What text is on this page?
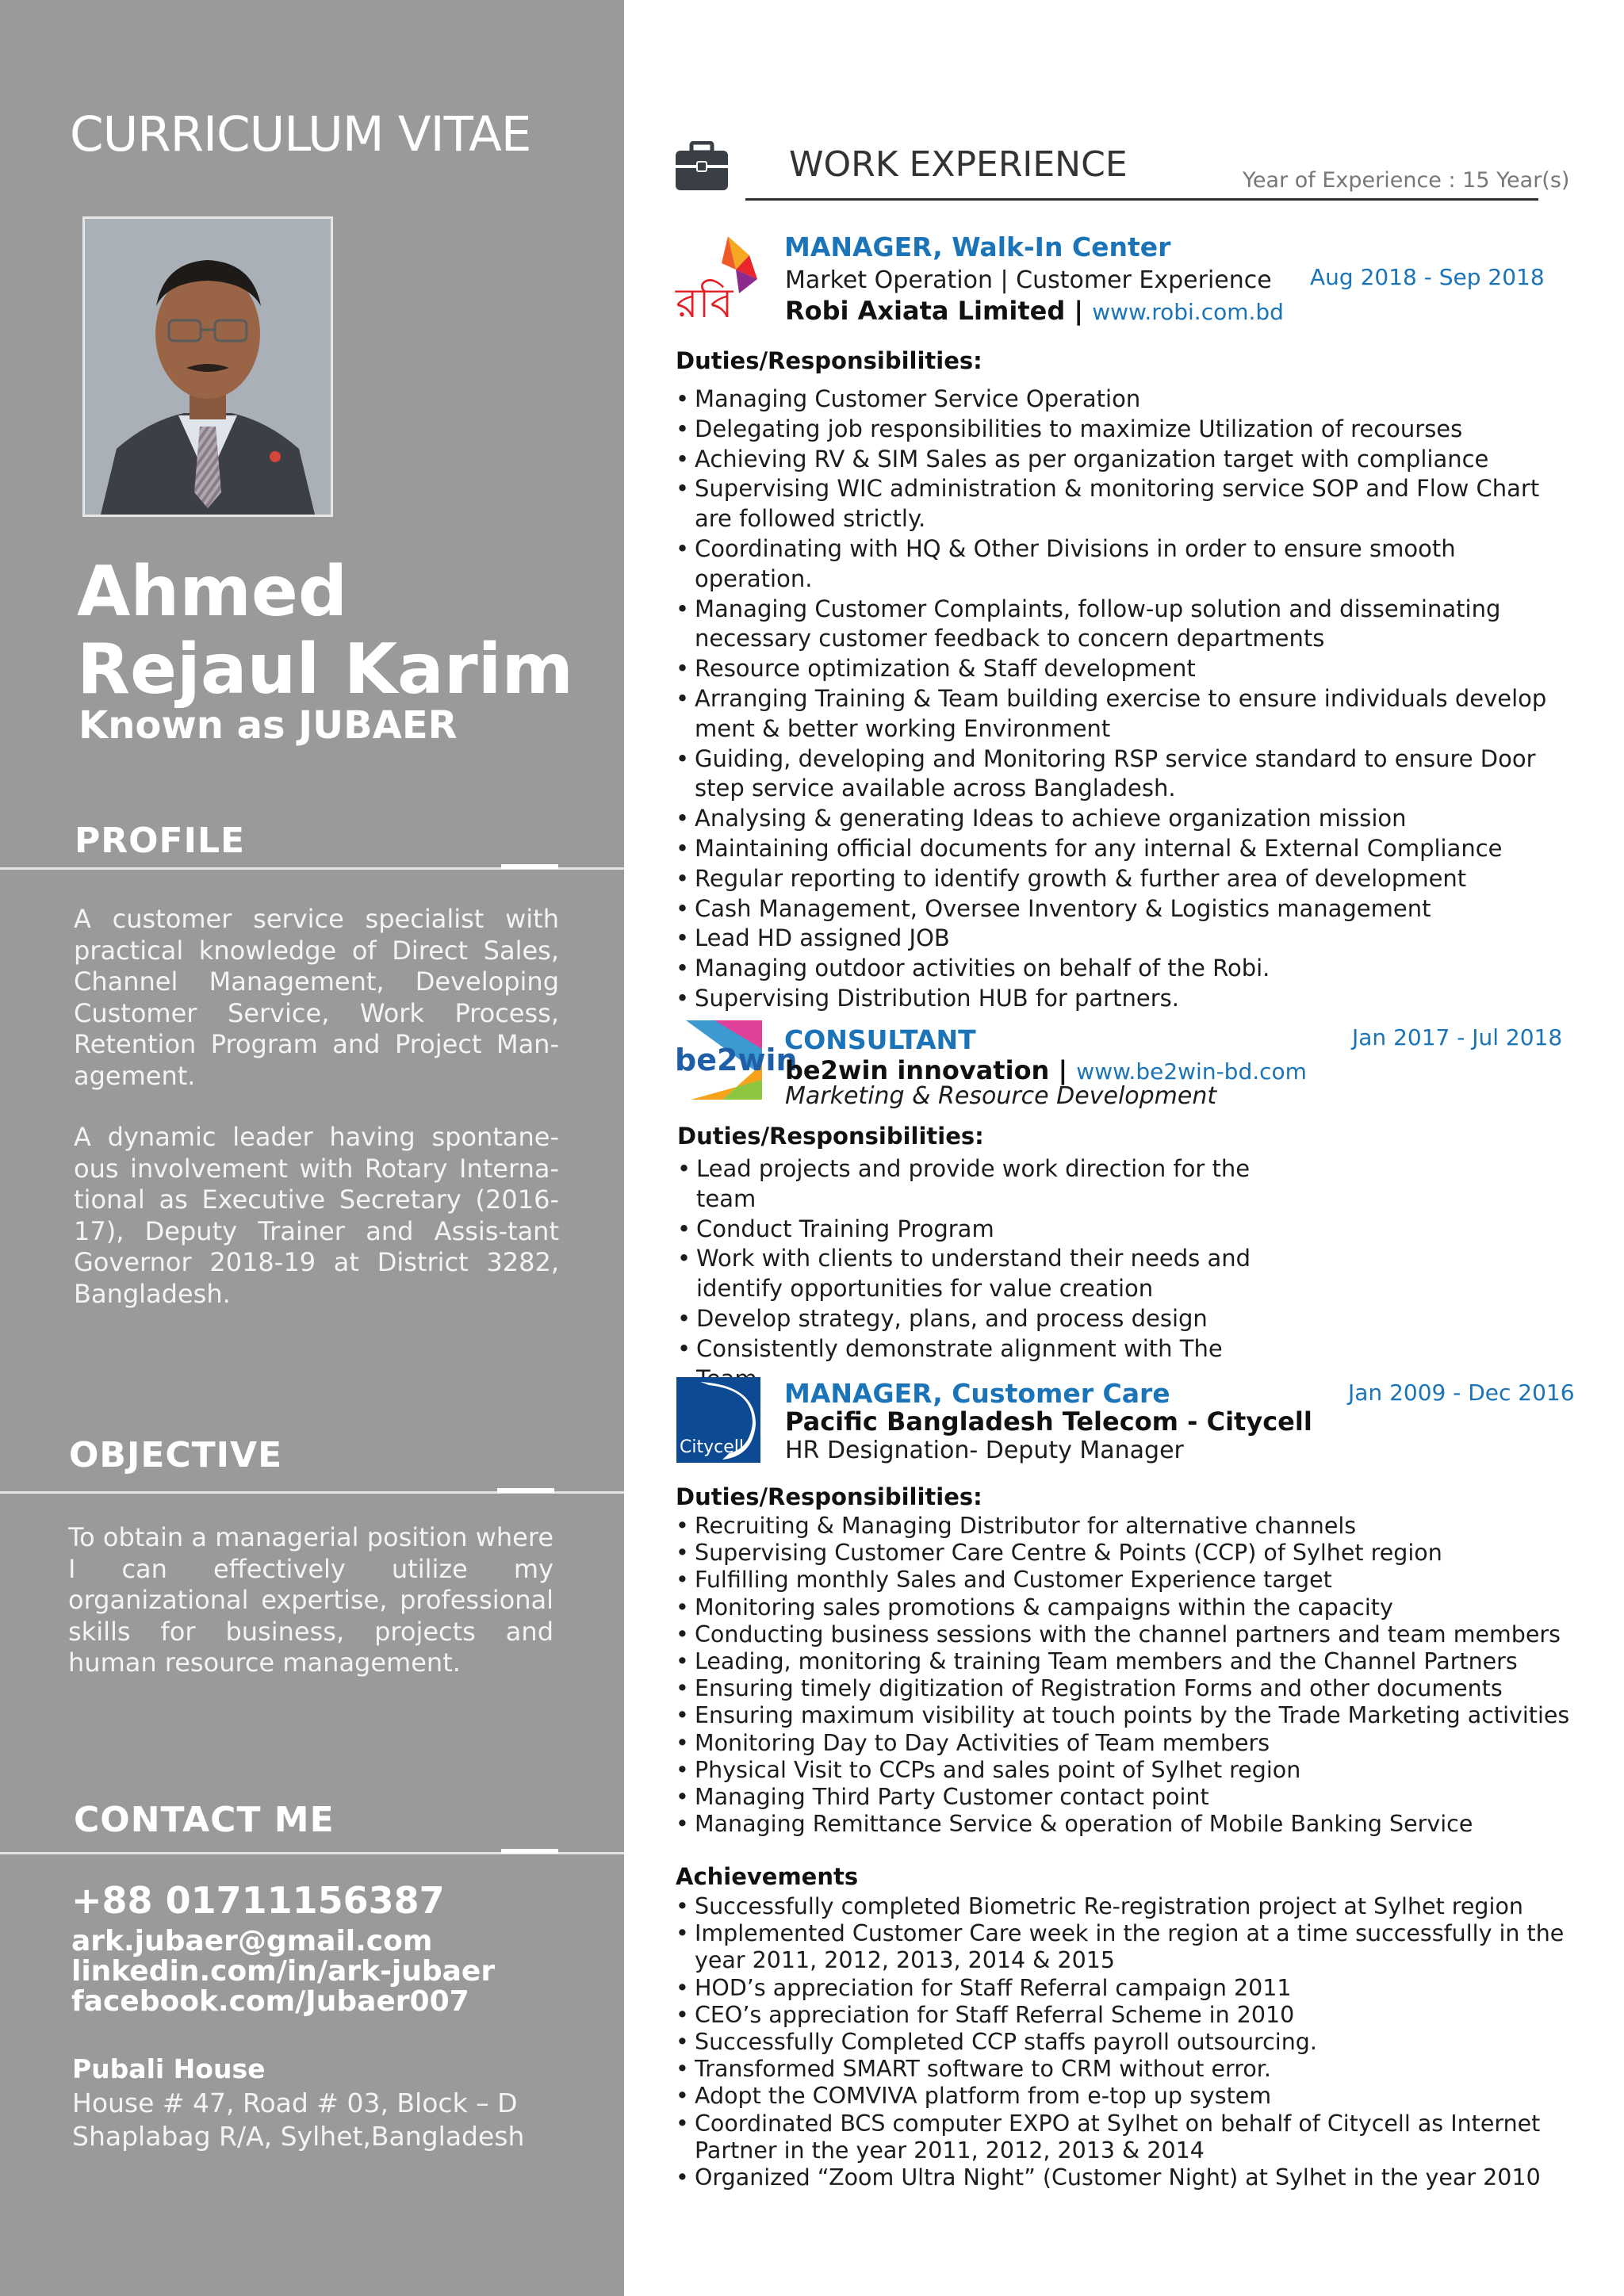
CURRICULUM VITAE
Ahmed
Rejaul Karim
Known as JUBAER
PROFILE
A customer service specialist with practical knowledge of Direct Sales, Channel Management, Developing Customer Service, Work Process, Retention Program and Project Man-agement.
A dynamic leader having spontane-ous involvement with Rotary Interna-tional as Executive Secretary (2016-17), Deputy Trainer and Assis-tant Governor 2018-19 at District 3282, Bangladesh.
OBJECTIVE
To obtain a managerial position where I can effectively utilize my organizational expertise, professional skills for business, projects and human resource management.
CONTACT ME
+88 01711156387
ark.jubaer@gmail.com
linkedin.com/in/ark-jubaer
facebook.com/Jubaer007
Pubali House
House # 47, Road # 03, Block – D
Shaplabag R/A, Sylhet,Bangladesh
WORK EXPERIENCE	Year of Experience : 15 Year(s)
রবি
MANAGER, Walk-In Center
Market Operation | Customer Experience
Robi Axiata Limited | www.robi.com.bd
Aug 2018 - Sep 2018
Duties/Responsibilities:
• Managing Customer Service Operation
• Delegating job responsibilities to maximize Utilization of recourses
• Achieving RV & SIM Sales as per organization target with compliance
• Supervising WIC administration & monitoring service SOP and Flow Chart are followed strictly.
• Coordinating with HQ & Other Divisions in order to ensure smooth operation.
• Managing Customer Complaints, follow-up solution and disseminating necessary customer feedback to concern departments
• Resource optimization & Staff development
• Arranging Training & Team building exercise to ensure individuals develop ment & better working Environment
• Guiding, developing and Monitoring RSP service standard to ensure Door step service available across Bangladesh.
• Analysing & generating Ideas to achieve organization mission
• Maintaining official documents for any internal & External Compliance
• Regular reporting to identify growth & further area of development
• Cash Management, Oversee Inventory & Logistics management
• Lead HD assigned JOB
• Managing outdoor activities on behalf of the Robi.
• Supervising Distribution HUB for partners.
be2win
CONSULTANT
be2win innovation | www.be2win-bd.com
Marketing & Resource Development
Jan 2017 - Jul 2018
Duties/Responsibilities:
• Lead projects and provide work direction for the team
• Conduct Training Program
• Work with clients to understand their needs and identify opportunities for value creation
• Develop strategy, plans, and process design
• Consistently demonstrate alignment with The
Citycell
MANAGER, Customer Care
Pacific Bangladesh Telecom - Citycell
HR Designation- Deputy Manager
Jan 2009 - Dec 2016
Duties/Responsibilities:
• Recruiting & Managing Distributor for alternative channels
• Supervising Customer Care Centre & Points (CCP) of Sylhet region
• Fulfilling monthly Sales and Customer Experience target
• Monitoring sales promotions & campaigns within the capacity
• Conducting business sessions with the channel partners and team members
• Leading, monitoring & training Team members and the Channel Partners
• Ensuring timely digitization of Registration Forms and other documents
• Ensuring maximum visibility at touch points by the Trade Marketing activities
• Monitoring Day to Day Activities of Team members
• Physical Visit to CCPs and sales point of Sylhet region
• Managing Third Party Customer contact point
• Managing Remittance Service & operation of Mobile Banking Service
Achievements
• Successfully completed Biometric Re-registration project at Sylhet region
• Implemented Customer Care week in the region at a time successfully in the year 2011, 2012, 2013, 2014 & 2015
• HOD’s appreciation for Staff Referral campaign 2011
• CEO’s appreciation for Staff Referral Scheme in 2010
• Successfully Completed CCP staffs payroll outsourcing.
• Transformed SMART software to CRM without error.
• Adopt the COMVIVA platform from e-top up system
• Coordinated BCS computer EXPO at Sylhet on behalf of Citycell as Internet Partner in the year 2011, 2012, 2013 & 2014
• Organized “Zoom Ultra Night” (Customer Night) at Sylhet in the year 2010
